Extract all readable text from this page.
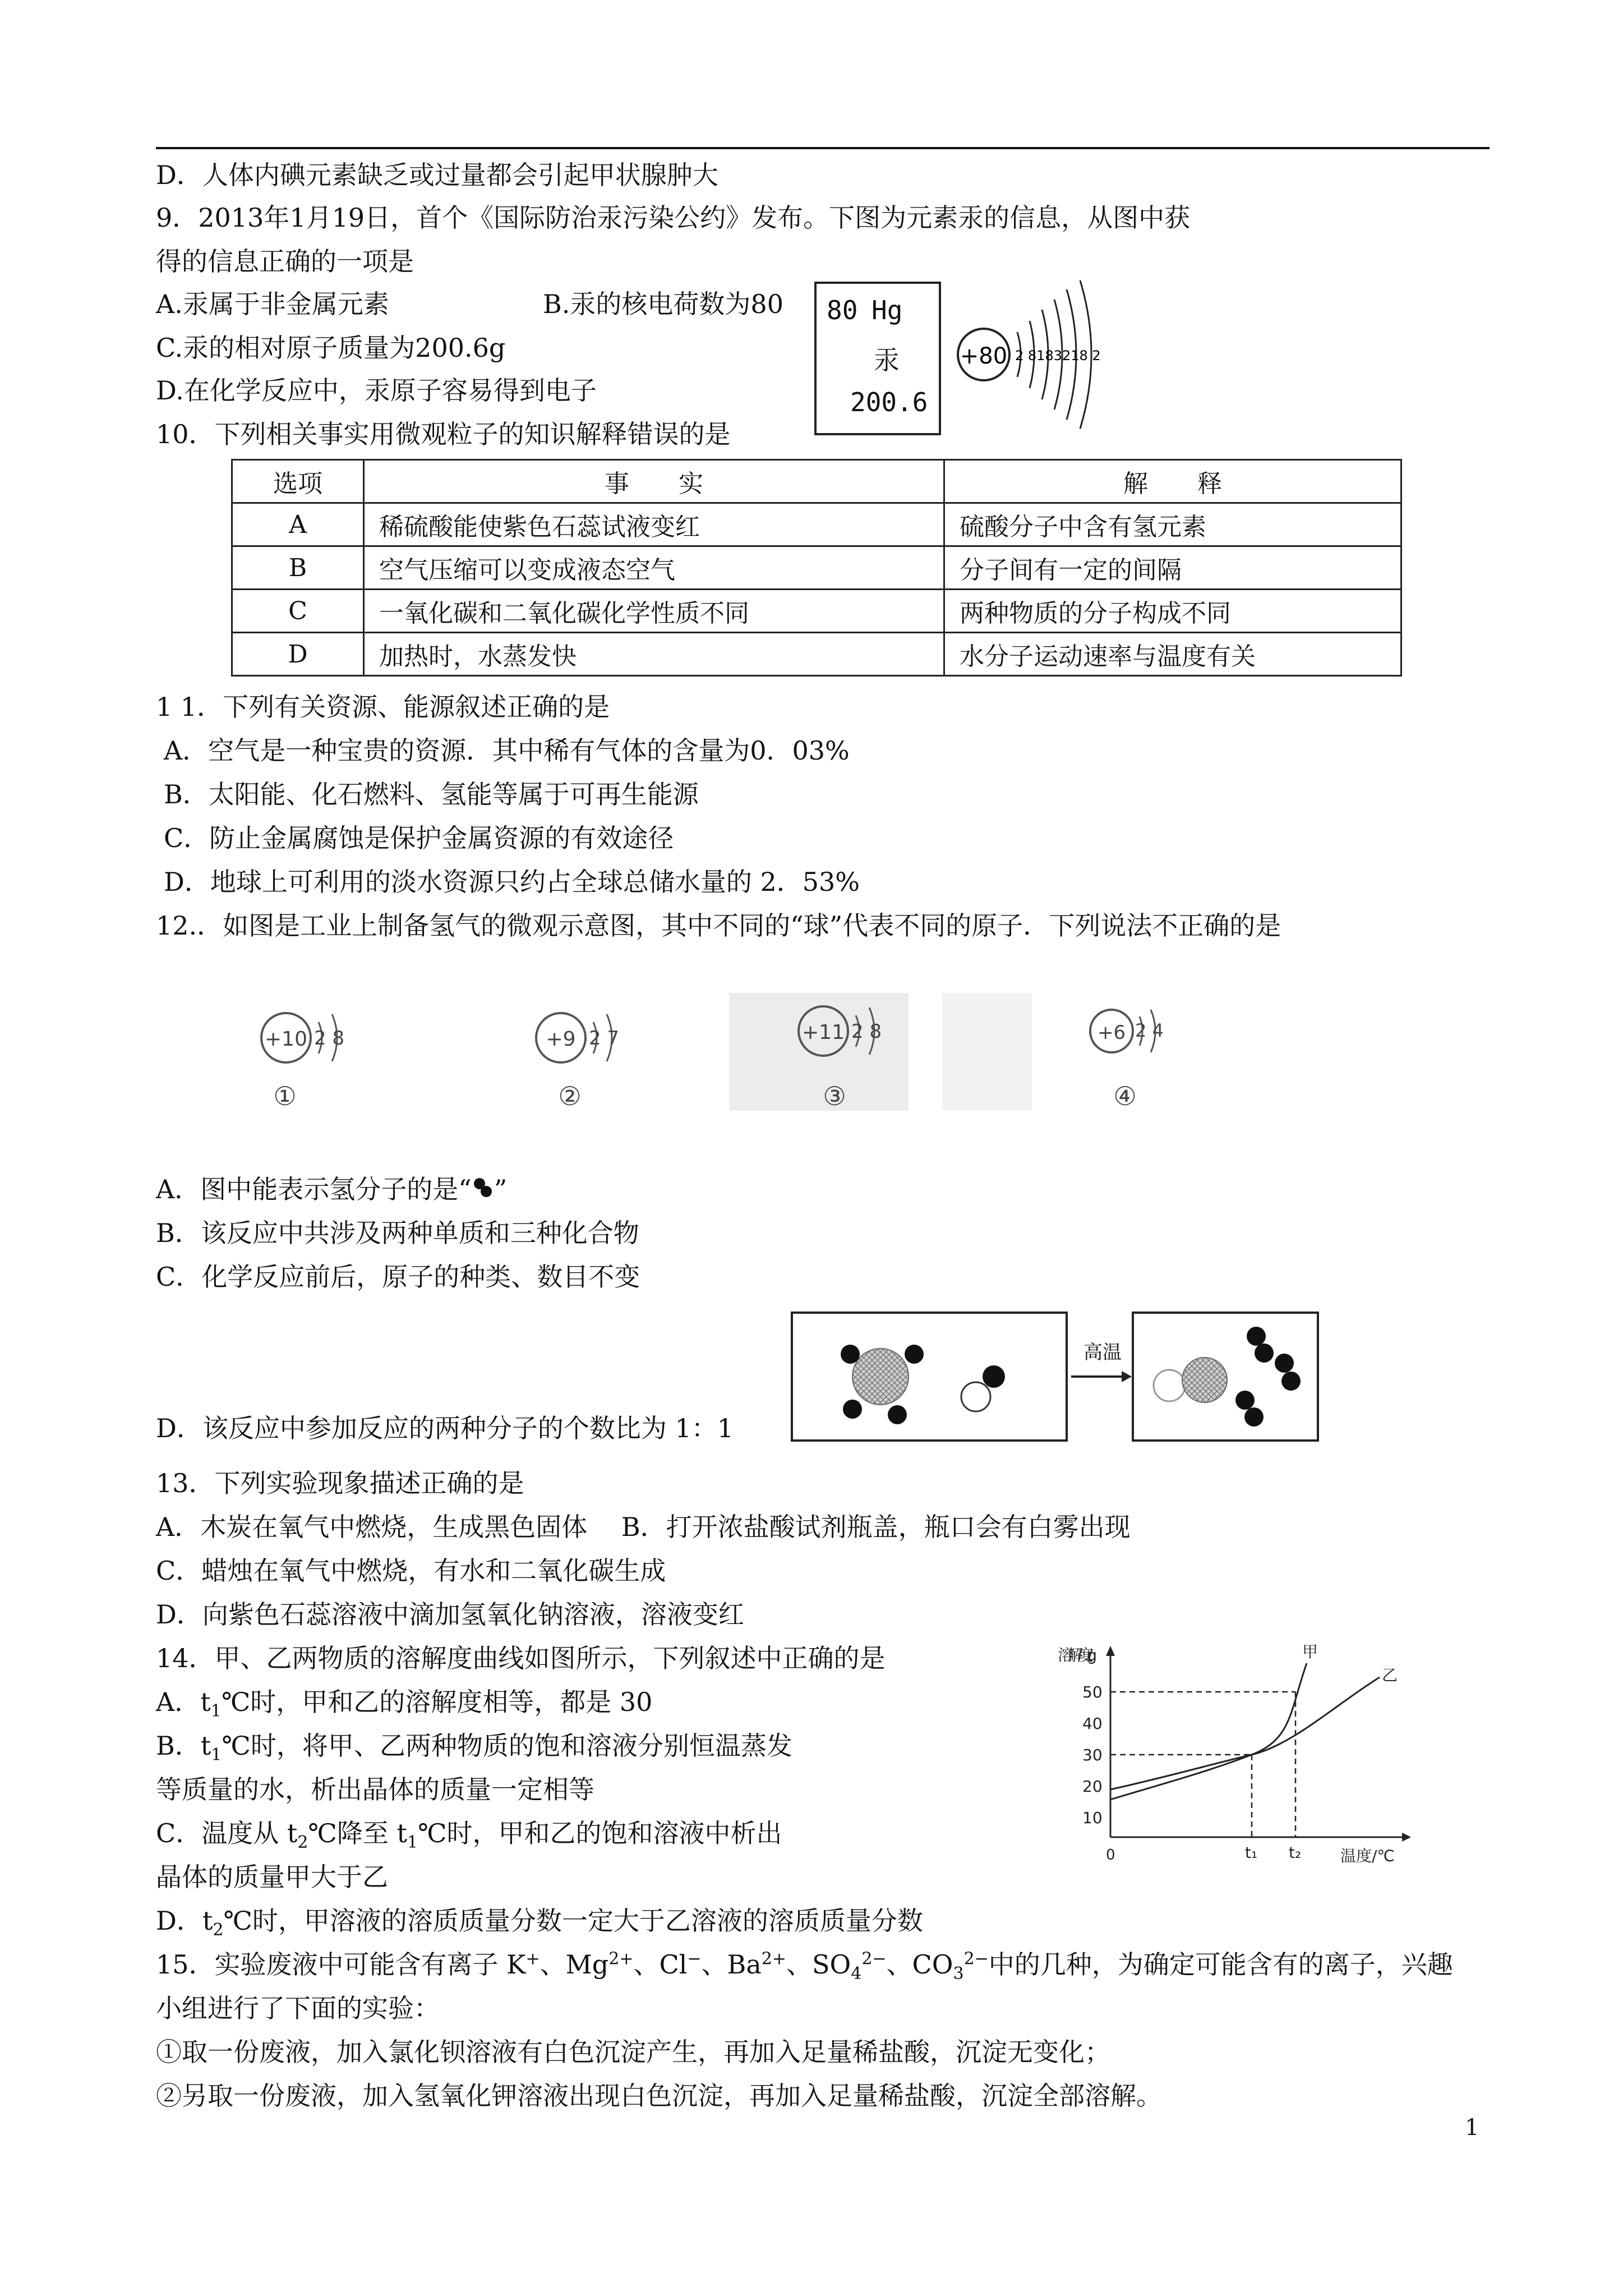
D．人体内碘元素缺乏或过量都会引起甲状腺肿大
9．2013年1月19日，首个《国际防治汞污染公约》发布。下图为元素汞的信息，从图中获
得的信息正确的一项是
A.汞属于非金属元素	B.汞的核电荷数为80
C.汞的相对原子质量为200.6g
D.在化学反应中，汞原子容易得到电子
80 Hg
汞
200.6
+80 2 8183218 2
10．下列相关事实用微观粒子的知识解释错误的是
选项	事　　实	解　　释
A	稀硫酸能使紫色石蕊试液变红	硫酸分子中含有氢元素
B	空气压缩可以变成液态空气	分子间有一定的间隔
C	一氧化碳和二氧化碳化学性质不同	两种物质的分子构成不同
D	加热时，水蒸发快	水分子运动速率与温度有关
1 1．下列有关资源、能源叙述正确的是
A．空气是一种宝贵的资源．其中稀有气体的含量为0．03%
B．太阳能、化石燃料、氢能等属于可再生能源
C．防止金属腐蚀是保护金属资源的有效途径
D．地球上可利用的淡水资源只约占全球总储水量的 2．53%
12.．如图是工业上制备氢气的微观示意图，其中不同的“球”代表不同的原子．下列说法不正确的是
+10 2 8
①
+9 2 7
②
+11 2 8
③
+6 2 4
④
A．图中能表示氢分子的是“ ”
B．该反应中共涉及两种单质和三种化合物
C．化学反应前后，原子的种类、数目不变
D．该反应中参加反应的两种分子的个数比为 1：1
高温
13．下列实验现象描述正确的是
A．木炭在氧气中燃烧，生成黑色固体　 B．打开浓盐酸试剂瓶盖，瓶口会有白雾出现
C．蜡烛在氧气中燃烧，有水和二氧化碳生成
D．向紫色石蕊溶液中滴加氢氧化钠溶液，溶液变红
14．甲、乙两物质的溶解度曲线如图所示，下列叙述中正确的是
A．$t_1℃$时，甲和乙的溶解度相等，都是 30
B．$t_1℃$时，将甲、乙两种物质的饱和溶液分别恒温蒸发
等质量的水，析出晶体的质量一定相等
C．温度从 $t_2℃$降至 $t_1℃$时，甲和乙的饱和溶液中析出
晶体的质量甲大于乙
D．$t_2℃$时，甲溶液的溶质质量分数一定大于乙溶液的溶质质量分数
溶解度/g
0	温度/℃
10
20
30
40
50
甲
乙
t₁ t₂
15．实验废液中可能含有离子 K+、$Mg^{2+}$、Cl−、$Ba^{2+}$、$SO_4^{2-}$、$CO_3^{2-}$中的几种，为确定可能含有的离子，兴趣
小组进行了下面的实验：
①取一份废液，加入氯化钡溶液有白色沉淀产生，再加入足量稀盐酸，沉淀无变化；
②另取一份废液，加入氢氧化钾溶液出现白色沉淀，再加入足量稀盐酸，沉淀全部溶解。
1
